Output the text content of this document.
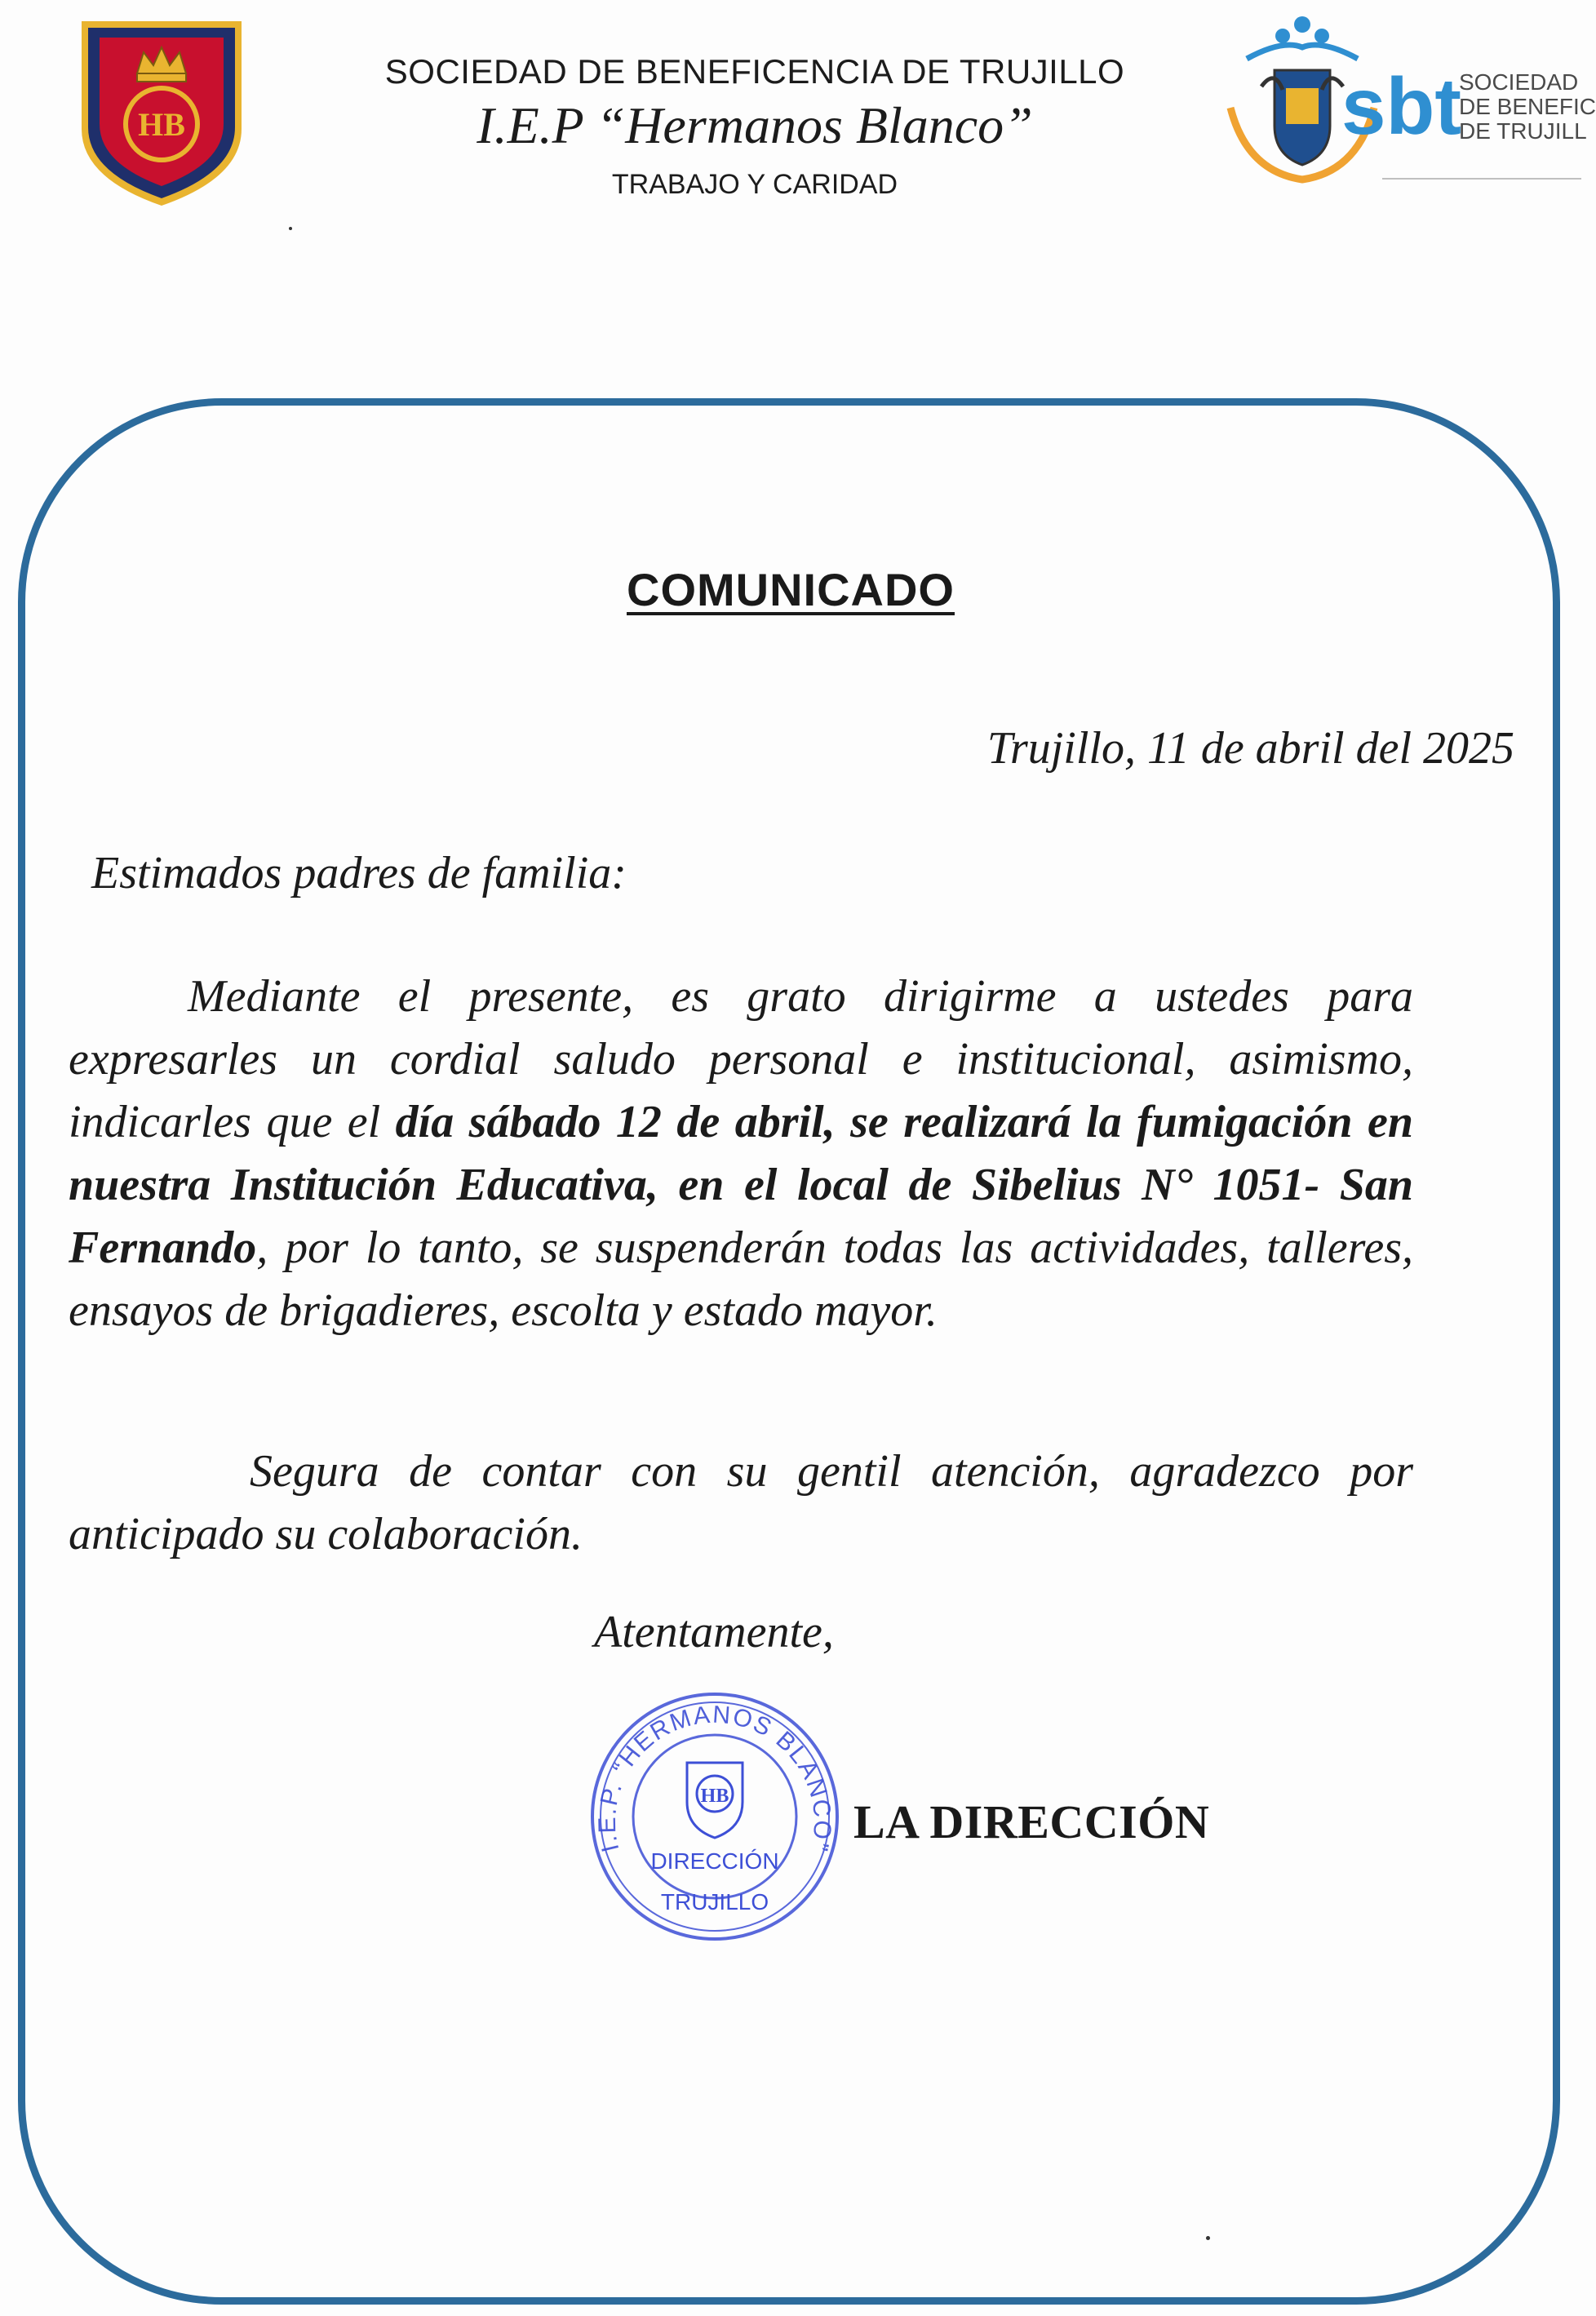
HB
SOCIEDAD DE BENEFICENCIA DE TRUJILLO
I.E.P “Hermanos Blanco”
TRABAJO Y CARIDAD
sbt
SOCIEDAD
DE BENEFIC
DE TRUJILL
COMUNICADO
Trujillo, 11 de abril del 2025
Estimados padres de familia:
Mediante el presente, es grato dirigirme a ustedes para expresarles un cordial saludo personal e institucional, asimismo, indicarles que el día sábado 12 de abril, se realizará la fumigación en nuestra Institución Educativa, en el local de Sibelius N° 1051- San Fernando, por lo tanto, se suspenderán todas las actividades, talleres, ensayos de brigadieres, escolta y estado mayor.
Segura de contar con su gentil atención, agradezco por anticipado su colaboración.
Atentamente,
I.E.P. “HERMANOS BLANCO”
HB
DIRECCIÓN
TRUJILLO
LA DIRECCIÓN
